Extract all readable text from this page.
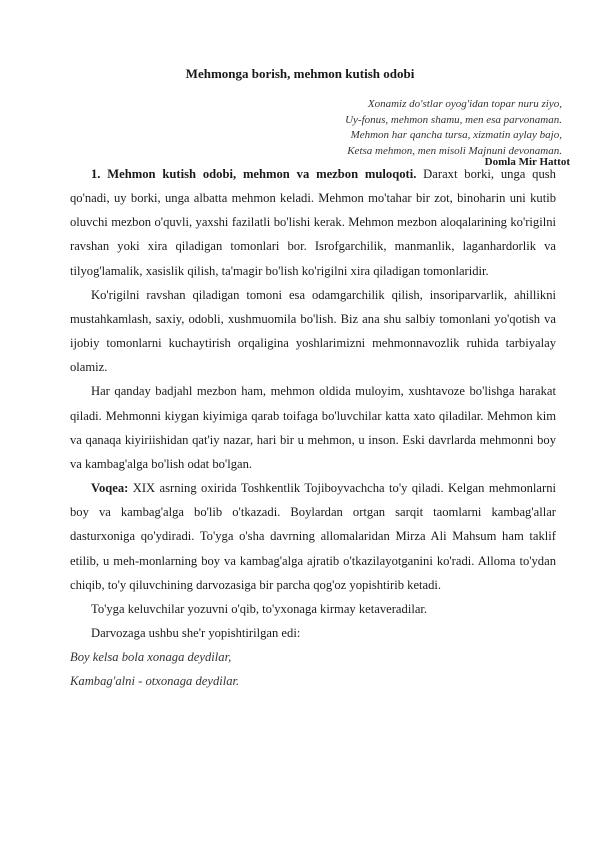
Mehmonga borish, mehmon kutish odobi
Xonamiz do'stlar oyog'idan topar nuru ziyo,
Uy-fonus, mehmon shamu, men esa parvonaman.
Mehmon har qancha tursa, xizmatin aylay bajo,
Ketsa mehmon, men misoli Majnuni devonaman.
Domla Mir Hattot

1. Mehmon kutish odobi, mehmon va mezbon muloqoti. Daraxt borki, unga qush qo'nadi, uy borki, unga albatta mehmon keladi. Mehmon mo'tahar bir zot, binoharin uni kutib oluvchi mezbon o'quvli, yaxshi fazilatli bo'lishi kerak. Mehmon mezbon aloqalarining ko'rigilni ravshan yoki xira qiladigan tomonlari bor. Isrofgarchilik, manmanlik, laganhardorlik va tilyog'lamalik, xasislik qilish, ta'magir bo'lish ko'rigilni xira qiladigan tomonlaridir.

Ko'rigilni ravshan qiladigan tomoni esa odamgarchilik qilish, insoriparvarlik, ahillikni mustahkamlash, saxiy, odobli, xushmuomila bo'lish. Biz ana shu salbiy tomonlani yo'qotish va ijobiy tomonlarni kuchaytirish orqaligina yoshlarimizni mehmonnavozlik ruhida tarbiyalay olamiz.

Har qanday badjahl mezbon ham, mehmon oldida muloyim, xushtavoze bo'lishga harakat qiladi. Mehmonni kiygan kiyimiga qarab toifaga bo'luvchilar katta xato qiladilar. Mehmon kim va qanaqa kiyiriishidan qat'iy nazar, hari bir u mehmon, u inson. Eski davrlarda mehmonni boy va kambag'alga bo'lish odat bo'lgan.

Voqea: XIX asrning oxirida Toshkentlik Tojiboyvachcha to'y qiladi. Kelgan mehmonlarni boy va kambag'alga bo'lib o'tkazadi. Boylardan ortgan sarqit taomlarni kambag'allar dasturxoniga qo'ydiradi. To'yga o'sha davrning allomalaridan Mirza Ali Mahsum ham taklif etilib, u meh-monlarning boy va kambag'alga ajratib o'tkazilayotganini ko'radi. Alloma to'ydan chiqib, to'y qiluvchining darvozasiga bir parcha qog'oz yopishtirib ketadi.

To'yga keluvchilar yozuvni o'qib, to'yxonaga kirmay ketaveradilar.

Darvozaga ushbu she'r yopishtirilgan edi:

Boy kelsa bola xonaga deydilar,

Kambag'alni - otxonaga deydilar.
